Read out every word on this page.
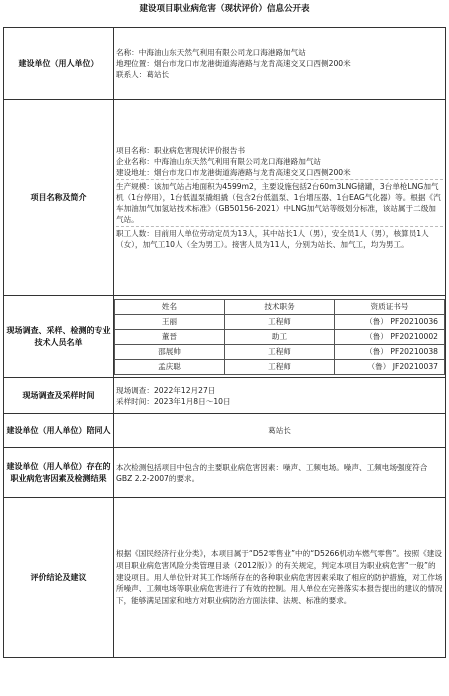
建设项目职业病危害（现状评价）信息公开表
建设单位（用人单位）	
名称：中海油山东天然气利用有限公司龙口海港路加气站
地理位置：烟台市龙口市龙港街道海港路与龙肯高速交叉口西侧200米
联系人：葛站长

项目名称及简介	
项目名称：职业病危害现状评价报告书
企业名称：中海油山东天然气利用有限公司龙口海港路加气站
建设地址：烟台市龙口市龙港街道海港路与龙肯高速交叉口西侧200米
生产规模：该加气站占地面积为4599m2，主要设施包括2台60m3LNG储罐，3台单枪LNG加气机（1台停用），1台低温泵撬组撬（包含2台低温泵、1台增压器、1台EAG气化器）等。根据《汽车加油加气加氢站技术标准》（GB50156-2021）中LNG加气站等级划分标准，该站属于二级加气站。
职工人数：目前用人单位劳动定员为13人，其中站长1人（男），安全员1人（男），核算员1人（女），加气工10人（全为男工）。接害人员为11人，分别为站长、加气工，均为男工。

现场调查、采样、检测的专业技术人员名单	
姓名	技术职务	资质证书号
王丽	工程师	（鲁） PF20210036
董晉	助工	（鲁） PF20210002
邵展帅	工程师	（鲁） PF20210038
孟庆聪	工程师	（鲁） JF20210037

现场调查及采样时间	
现场调查：2022年12月27日
采样时间：2023年1月8日～10日

建设单位（用人单位）陪同人	葛站长
建设单位（用人单位）存在的职业病危害因素及检测结果	本次检测包括项目中包含的主要职业病危害因素：噪声、工频电场。噪声、工频电场强度符合GBZ 2.2-2007的要求。
评价结论及建议	根据《国民经济行业分类》，本项目属于“D52零售业”中的“D5266机动车燃气零售”。按照《建设项目职业病危害风险分类管理目录（2012版）》的有关规定，判定本项目为职业病危害“一般”的建设项目。用人单位针对其工作场所存在的各种职业病危害因素采取了相应的防护措施，对工作场所噪声、工频电场等职业病危害进行了有效的控制。用人单位在完善落实本报告提出的建议的情况下，能够满足国家和地方对职业病防治方面法律、法规、标准的要求。
